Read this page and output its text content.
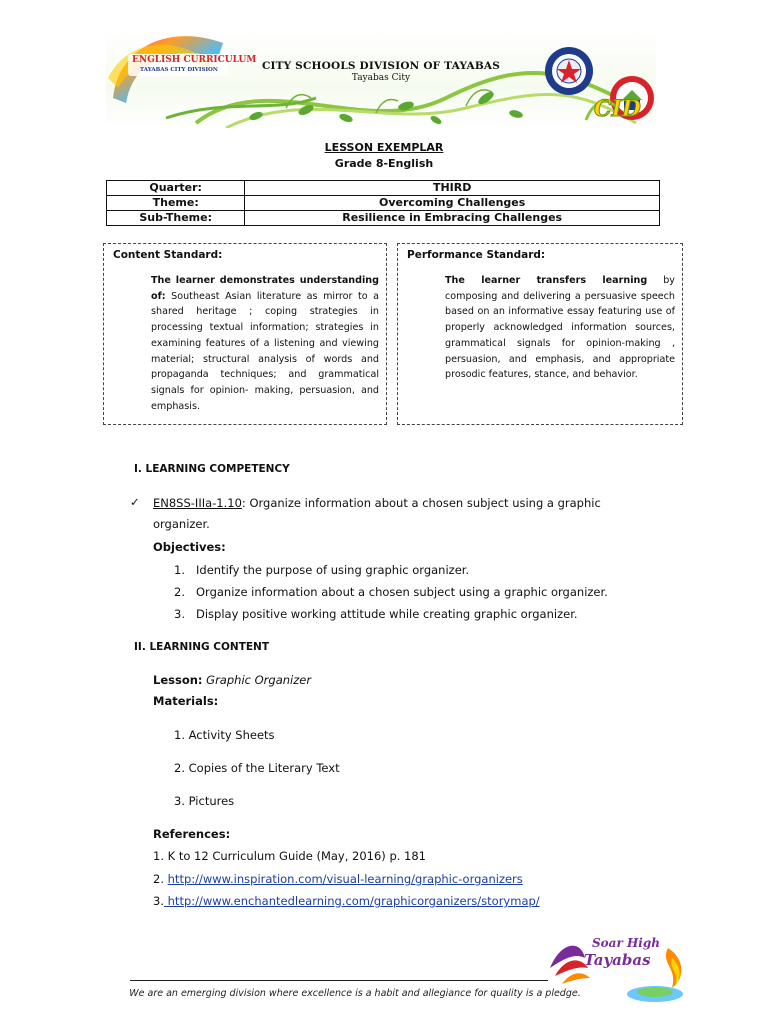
ENGLISH CURRICULUM
TAYABAS CITY DIVISION	CITY SCHOOLS DIVISION OF TAYABAS
Tayabas City
CID
LESSON EXEMPLAR
Grade 8-English
Quarter:	THIRD
Theme:	Overcoming Challenges
Sub-Theme:	Resilience in Embracing Challenges

Content Standard:

The learner demonstrates understanding of: Southeast Asian literature as mirror to a shared heritage ; coping strategies in processing textual information; strategies in examining features of a listening and viewing material; structural analysis of words and propaganda techniques; and grammatical signals for opinion- making, persuasion, and emphasis.

Performance Standard:

The learner transfers learning by composing and delivering a persuasive speech based on an informative essay featuring use of properly acknowledged information sources, grammatical signals for opinion-making , persuasion, and emphasis, and appropriate prosodic features, stance, and behavior.

I. LEARNING COMPETENCY
✓ EN8SS-IIIa-1.10: Organize information about a chosen subject using a graphic
organizer.
Objectives:
1. Identify the purpose of using graphic organizer.
2. Organize information about a chosen subject using a graphic organizer.
3. Display positive working attitude while creating graphic organizer.
II. LEARNING CONTENT
Lesson: Graphic Organizer
Materials:
1. Activity Sheets
2. Copies of the Literary Text
3. Pictures
References:
1. K to 12 Curriculum Guide (May, 2016) p. 181
2. http://www.inspiration.com/visual-learning/graphic-organizers
3. http://www.enchantedlearning.com/graphicorganizers/storymap/
Soar High
Tayabas
We are an emerging division where excellence is a habit and allegiance for quality is a pledge.
